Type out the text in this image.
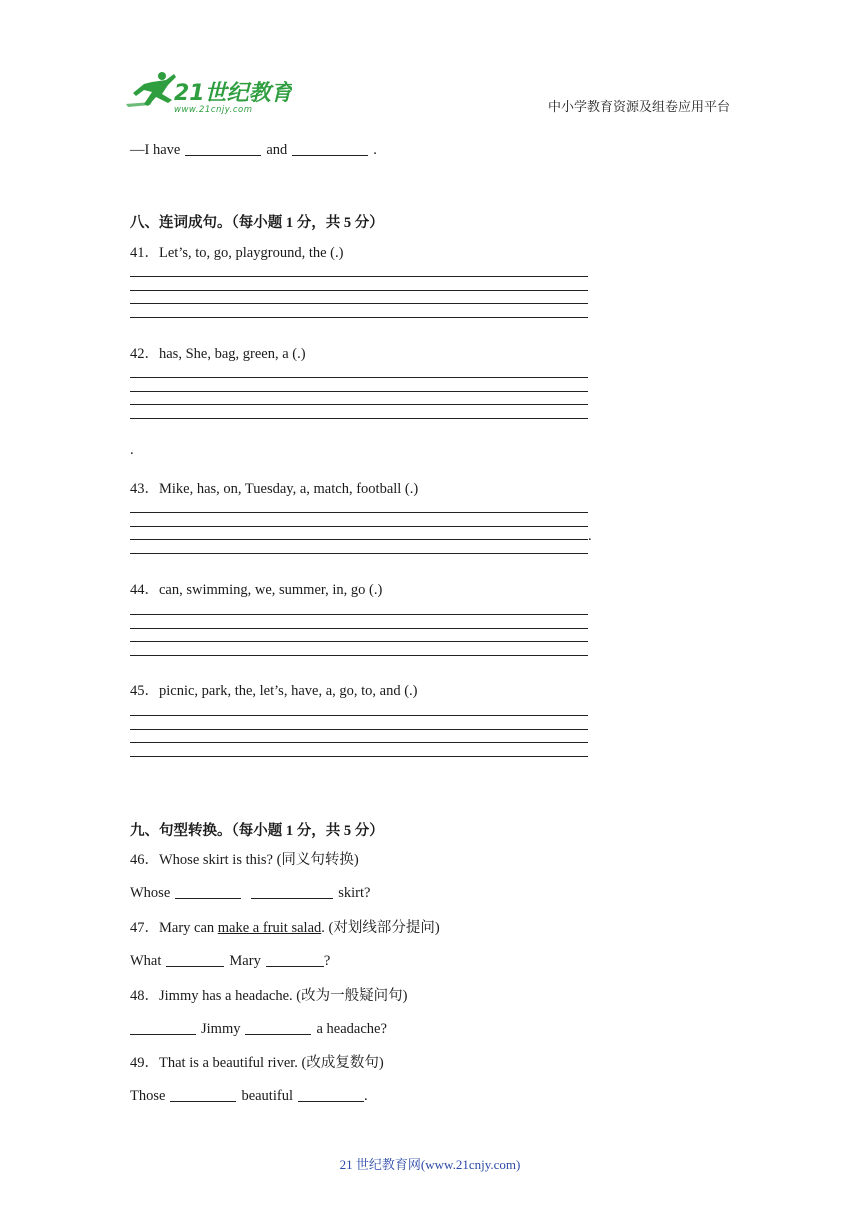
21世纪教育
www.21cnjy.com	中小学教育资源及组卷应用平台
—I have	and	.
八、连词成句。（每小题 1 分，共 5 分）
41．Let’s, to, go, playground, the (.)
42．has, She, bag, green, a (.)
.
43．Mike, has, on, Tuesday, a, match, football (.)
.
44．can, swimming, we, summer, in, go (.)
45．picnic, park, the, let’s, have, a, go, to, and (.)
九、句型转换。（每小题 1 分，共 5 分）
46．Whose skirt is this? (同义句转换)
Whose	skirt?
47．Mary can make a fruit salad. (对划线部分提问)
What	Mary	?
48．Jimmy has a headache. (改为一般疑问句)
Jimmy	a headache?
49．That is a beautiful river. (改成复数句)
Those	beautiful	.
21 世纪教育网(www.21cnjy.com)
